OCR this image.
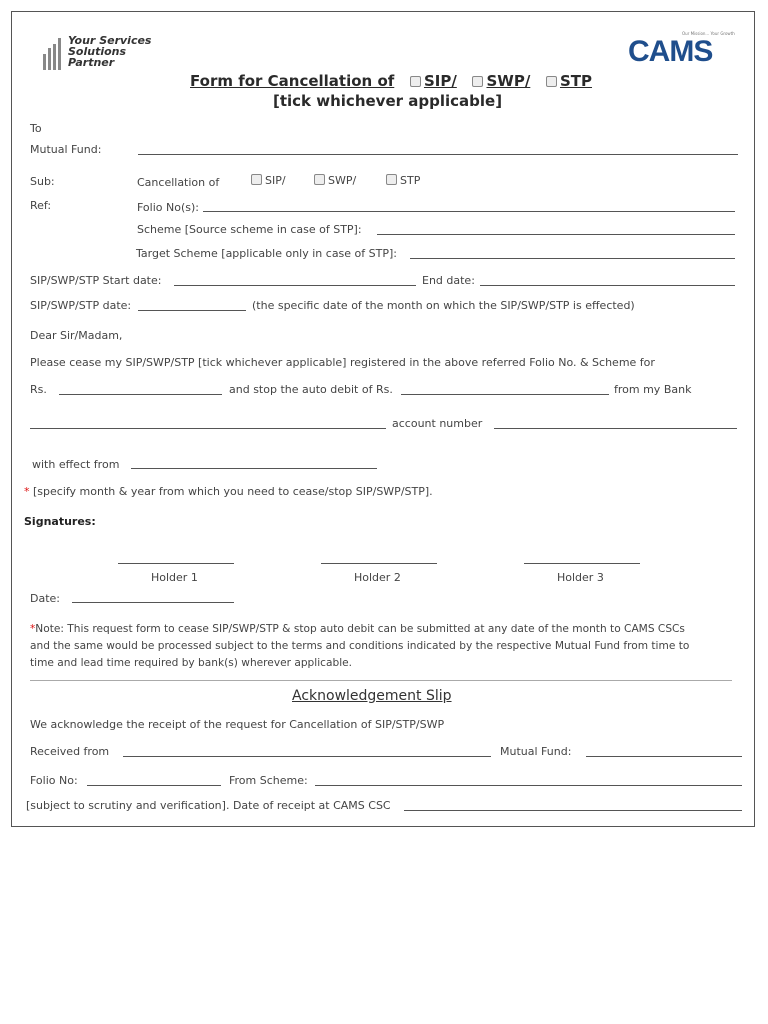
Your Services
Solutions
Partner
Our Mission... Your Growth
CAMS
Form for Cancellation of SIP/ SWP/ STP
[tick whichever applicable]
To
Mutual Fund:
Sub:	Cancellation of	SIP/	SWP/	STP
Ref:	Folio No(s):
Scheme [Source scheme in case of STP]:
Target Scheme [applicable only in case of STP]:
SIP/SWP/STP Start date:	End date:
SIP/SWP/STP date:	(the specific date of the month on which the SIP/SWP/STP is effected)
Dear Sir/Madam,
Please cease my SIP/SWP/STP [tick whichever applicable] registered in the above referred Folio No. & Scheme for
Rs.	and stop the auto debit of Rs.	from my Bank
account number
with effect from
* [specify month & year from which you need to cease/stop SIP/SWP/STP].
Signatures:
Holder 1	Holder 2	Holder 3
Date:
*Note: This request form to cease SIP/SWP/STP & stop auto debit can be submitted at any date of the month to CAMS CSCs
and the same would be processed subject to the terms and conditions indicated by the respective Mutual Fund from time to
time and lead time required by bank(s) wherever applicable.
Acknowledgement Slip
We acknowledge the receipt of the request for Cancellation of SIP/STP/SWP
Received from	Mutual Fund:
Folio No:	From Scheme:
[subject to scrutiny and verification]. Date of receipt at CAMS CSC
